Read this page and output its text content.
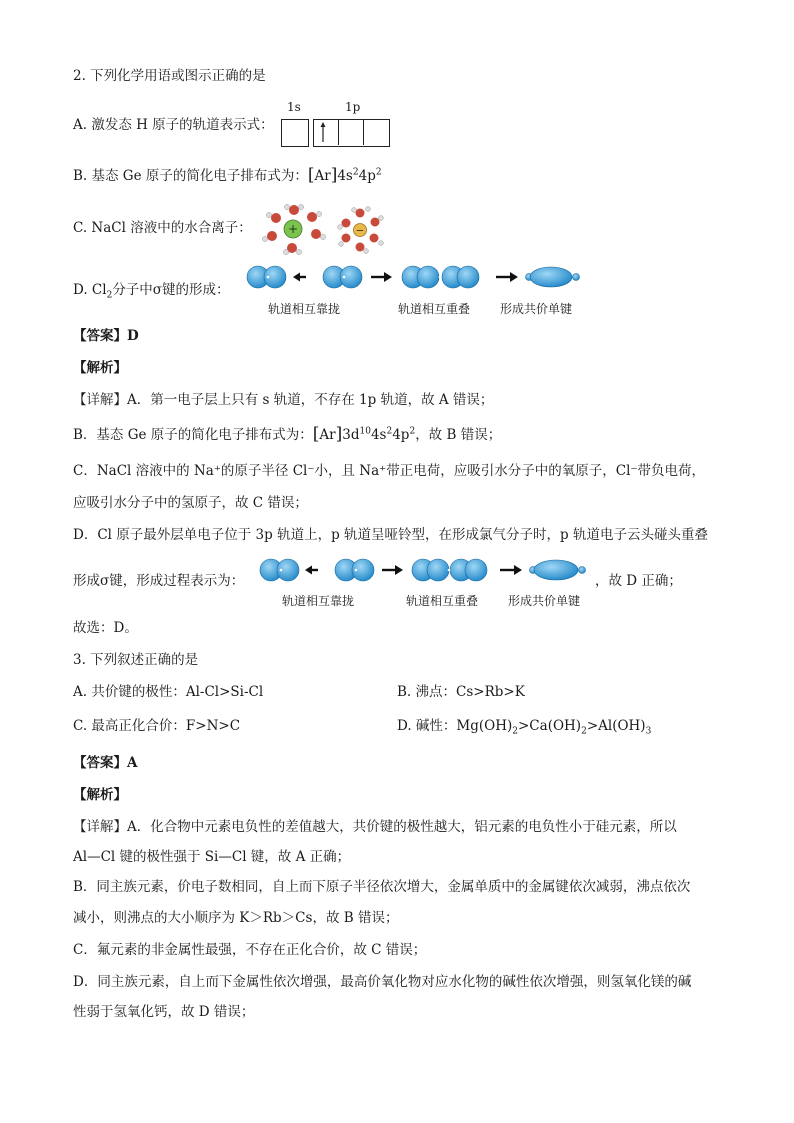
2. 下列化学用语或图示正确的是
A. 激发态 H 原子的轨道表示式：
1s	1p
B. 基态 Ge 原子的简化电子排布式为：$[Ar]4s^24p^2$
C. NaCl 溶液中的水合离子：	+	−
D. $Cl_2$分子中σ键的形成：
轨道相互靠拢	轨道相互重叠 形成共价单键
【答案】D
【解析】
【详解】A．第一电子层上只有 s 轨道，不存在 1p 轨道，故 A 错误；
B．基态 Ge 原子的简化电子排布式为：$[Ar]3d^{10}4s^24p^2$，故 B 错误；
C．NaCl 溶液中的 Na⁺的原子半径 Cl⁻小，且 Na⁺带正电荷，应吸引水分子中的氧原子，Cl⁻带负电荷，
应吸引水分子中的氢原子，故 C 错误；
D．Cl 原子最外层单电子位于 3p 轨道上，p 轨道呈哑铃型，在形成氯气分子时，p 轨道电子云头碰头重叠
形成σ键，形成过程表示为：
轨道相互靠拢	轨道相互重叠 形成共价单键
，故 D 正确；
故选：D。
3. 下列叙述正确的是
A. 共价键的极性：Al-Cl>Si-Cl	B. 沸点：Cs>Rb>K
C. 最高正化合价：F>N>C	D. 碱性：$Mg(OH)_2>Ca(OH)_2>Al(OH)_3$
【答案】A
【解析】
【详解】A．化合物中元素电负性的差值越大，共价键的极性越大，铝元素的电负性小于硅元素，所以
Al—Cl 键的极性强于 Si—Cl 键，故 A 正确；
B．同主族元素，价电子数相同，自上而下原子半径依次增大，金属单质中的金属键依次减弱，沸点依次
减小，则沸点的大小顺序为 K＞Rb＞Cs，故 B 错误；
C．氟元素的非金属性最强，不存在正化合价，故 C 错误；
D．同主族元素，自上而下金属性依次增强，最高价氧化物对应水化物的碱性依次增强，则氢氧化镁的碱
性弱于氢氧化钙，故 D 错误；
